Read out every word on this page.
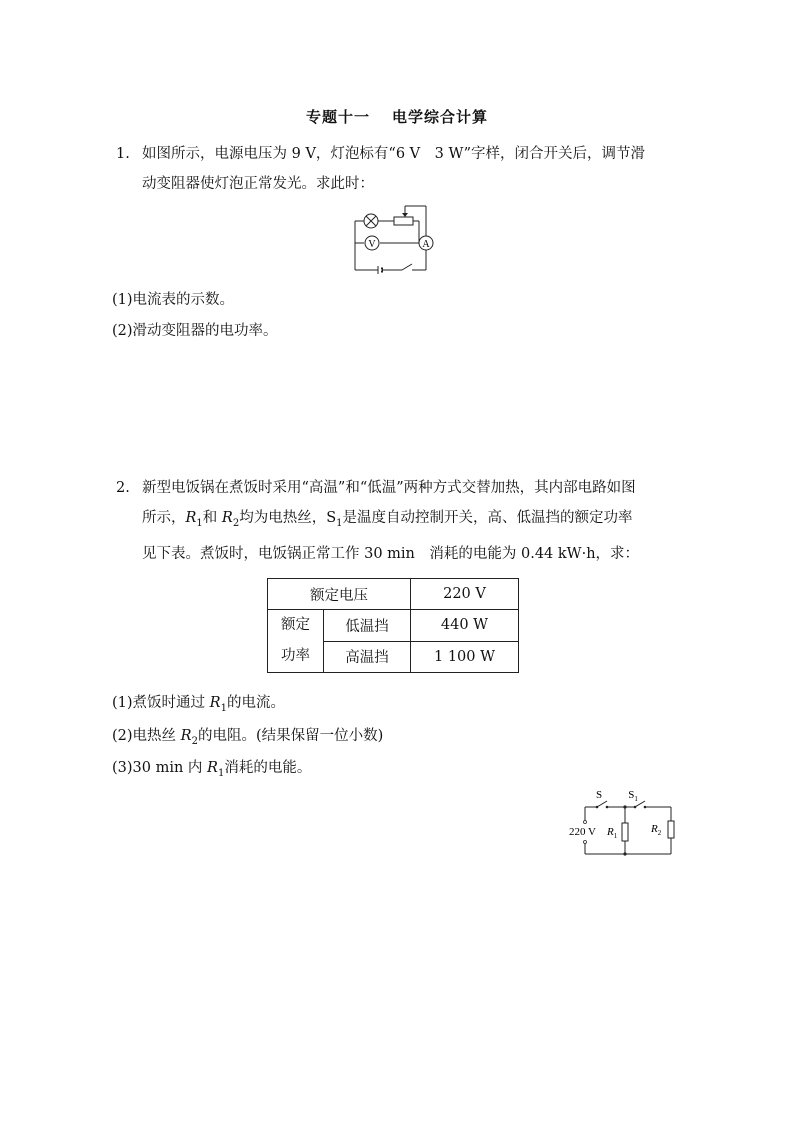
专题十一 电学综合计算
1. 如图所示，电源电压为 9 V，灯泡标有“6 V　3 W”字样，闭合开关后，调节滑
动变阻器使灯泡正常发光。求此时：
V	A
(1)电流表的示数。
(2)滑动变阻器的电功率。
2. 新型电饭锅在煮饭时采用“高温”和“低温”两种方式交替加热，其内部电路如图
所示，$R_1$和 $R_2$均为电热丝，$S_1$是温度自动控制开关，高、低温挡的额定功率
见下表。煮饭时，电饭锅正常工作 30 min　消耗的电能为 0.44 kW·h，求：
额定电压		220 V
额定
功率	低温挡	440 W
	高温挡	1 100 W
(1)煮饭时通过 $R_1$的电流。
(2)电热丝 $R_2$的电阻。(结果保留一位小数)
(3)30 min 内 $R_1$消耗的电能。
S $S_1$
220 V $R_1$
$R_2$
